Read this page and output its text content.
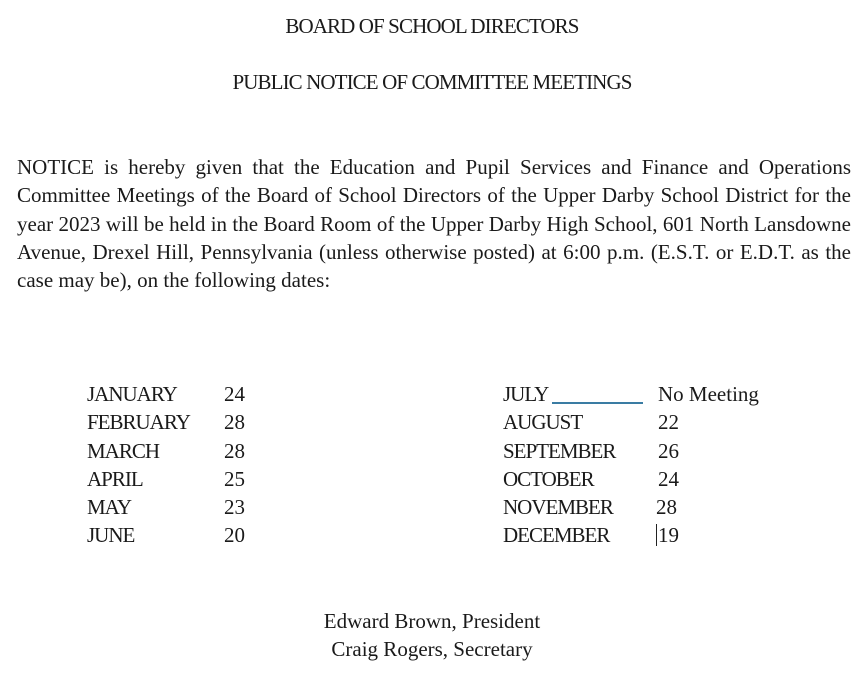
BOARD OF SCHOOL DIRECTORS
PUBLIC NOTICE OF COMMITTEE MEETINGS

NOTICE is hereby given that the Education and Pupil Services and Finance and Operations Committee Meetings of the Board of School Directors of the Upper Darby School District for the year 2023 will be held in the Board Room of the Upper Darby High School, 601 North Lansdowne Avenue, Drexel Hill, Pennsylvania (unless otherwise posted) at 6:00 p.m. (E.S.T. or E.D.T. as the case may be), on the following dates:

JANUARY 24
FEBRUARY 28
MARCH	28
APRIL	25
MAY	23
JUNE	20
JULY	No Meeting
AUGUST	22
SEPTEMBER 26
OCTOBER	24
NOVEMBER 28
DECEMBER 19
Edward Brown, President
Craig Rogers, Secretary
